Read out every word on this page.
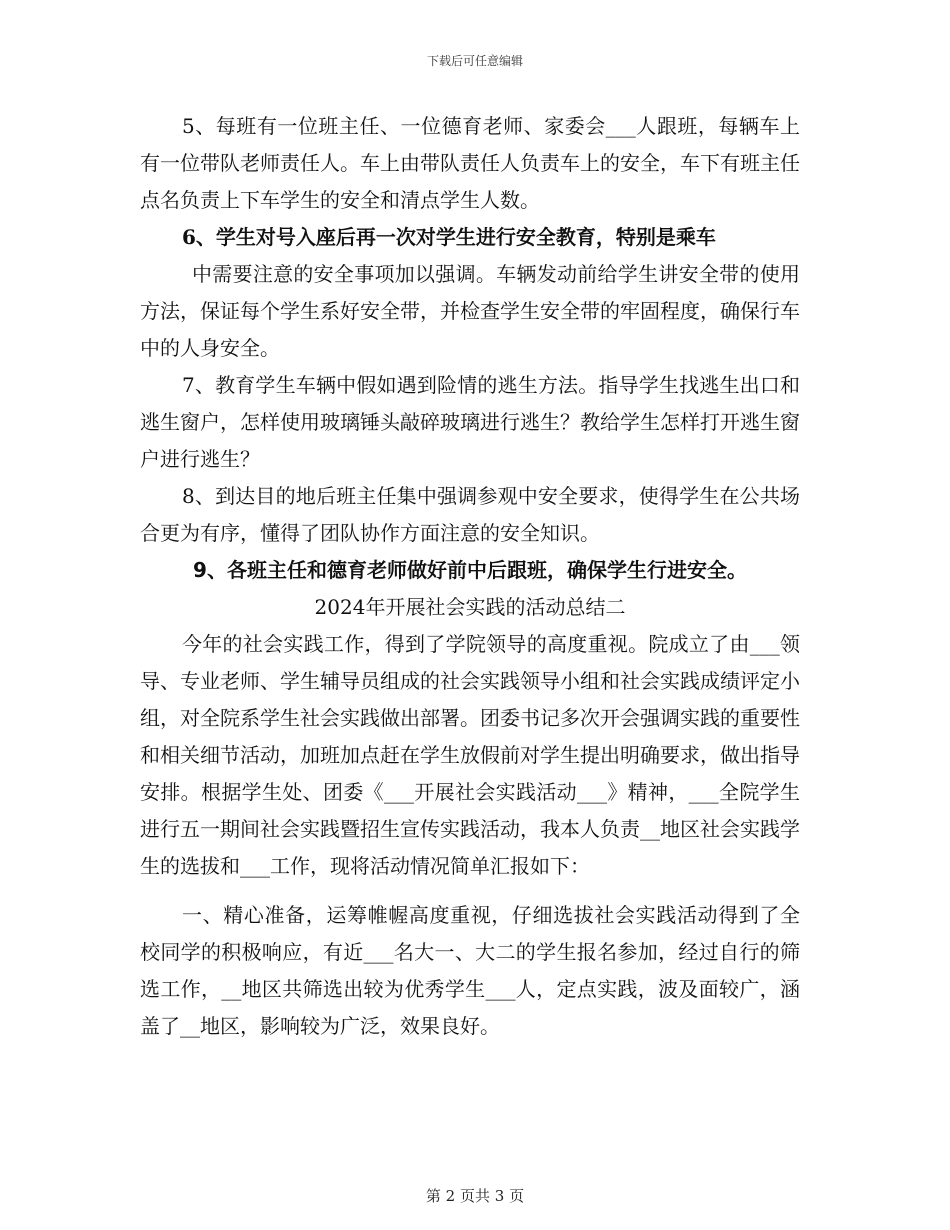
下载后可任意编辑

5、每班有一位班主任、一位德育老师、家委会___人跟班，每辆车上有一位带队老师责任人。车上由带队责任人负责车上的安全，车下有班主任点名负责上下车学生的安全和清点学生人数。

6、学生对号入座后再一次对学生进行安全教育，特别是乘车

中需要注意的安全事项加以强调。车辆发动前给学生讲安全带的使用方法，保证每个学生系好安全带，并检查学生安全带的牢固程度，确保行车中的人身安全。

7、教育学生车辆中假如遇到险情的逃生方法。指导学生找逃生出口和逃生窗户，怎样使用玻璃锤头敲碎玻璃进行逃生？教给学生怎样打开逃生窗户进行逃生？

8、到达目的地后班主任集中强调参观中安全要求，使得学生在公共场合更为有序，懂得了团队协作方面注意的安全知识。

9、各班主任和德育老师做好前中后跟班，确保学生行进安全。

2024年开展社会实践的活动总结二

今年的社会实践工作，得到了学院领导的高度重视。院成立了由___领导、专业老师、学生辅导员组成的社会实践领导小组和社会实践成绩评定小组，对全院系学生社会实践做出部署。团委书记多次开会强调实践的重要性和相关细节活动，加班加点赶在学生放假前对学生提出明确要求，做出指导安排。根据学生处、团委《___开展社会实践活动___》精神，___全院学生进行五一期间社会实践暨招生宣传实践活动，我本人负责__地区社会实践学生的选拔和___工作，现将活动情况简单汇报如下：

一、精心准备，运筹帷幄高度重视，仔细选拔社会实践活动得到了全校同学的积极响应，有近___名大一、大二的学生报名参加，经过自行的筛选工作，__地区共筛选出较为优秀学生___人，定点实践，波及面较广，涵盖了__地区，影响较为广泛，效果良好。

第 2 页共 3 页
